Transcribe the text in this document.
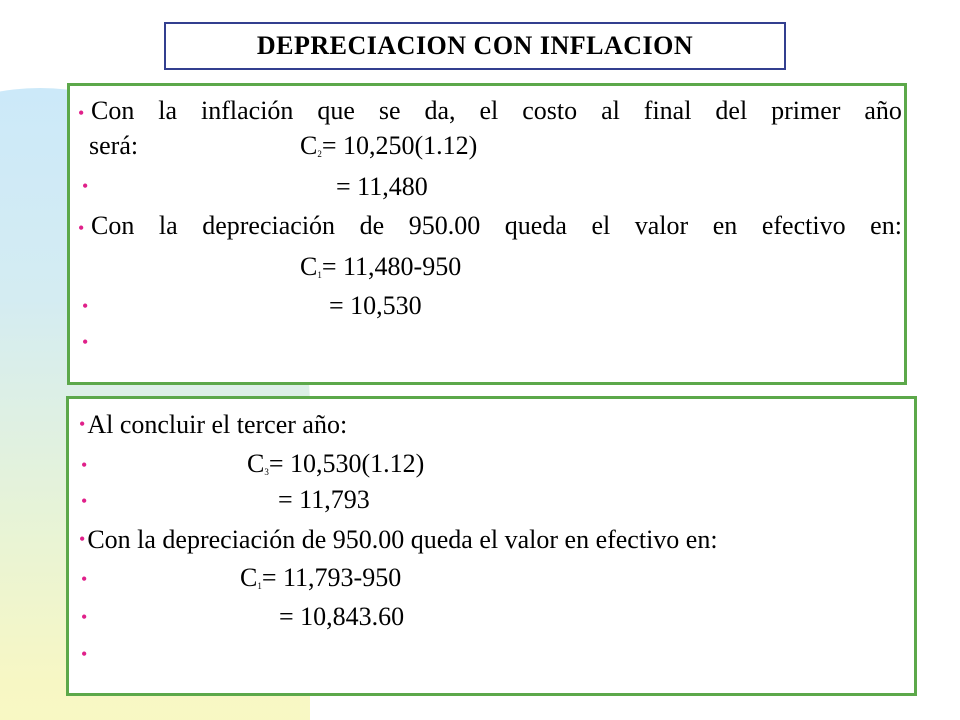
DEPRECIACION CON INFLACION
• Con la inflación que se da, el costo al final del primer año
será:	$C_2= 10,250(1.12)$
•	= 11,480
• Con la depreciación de 950.00 queda el valor en efectivo en:
$C_1= 11,480-950$
•	= 10,530
•
•Al concluir el tercer año:
•	$C_3= 10,530(1.12)$
•	= 11,793
•Con la depreciación de 950.00 queda el valor en efectivo en:
•	$C_1= 11,793-950$
•	= 10,843.60
•
